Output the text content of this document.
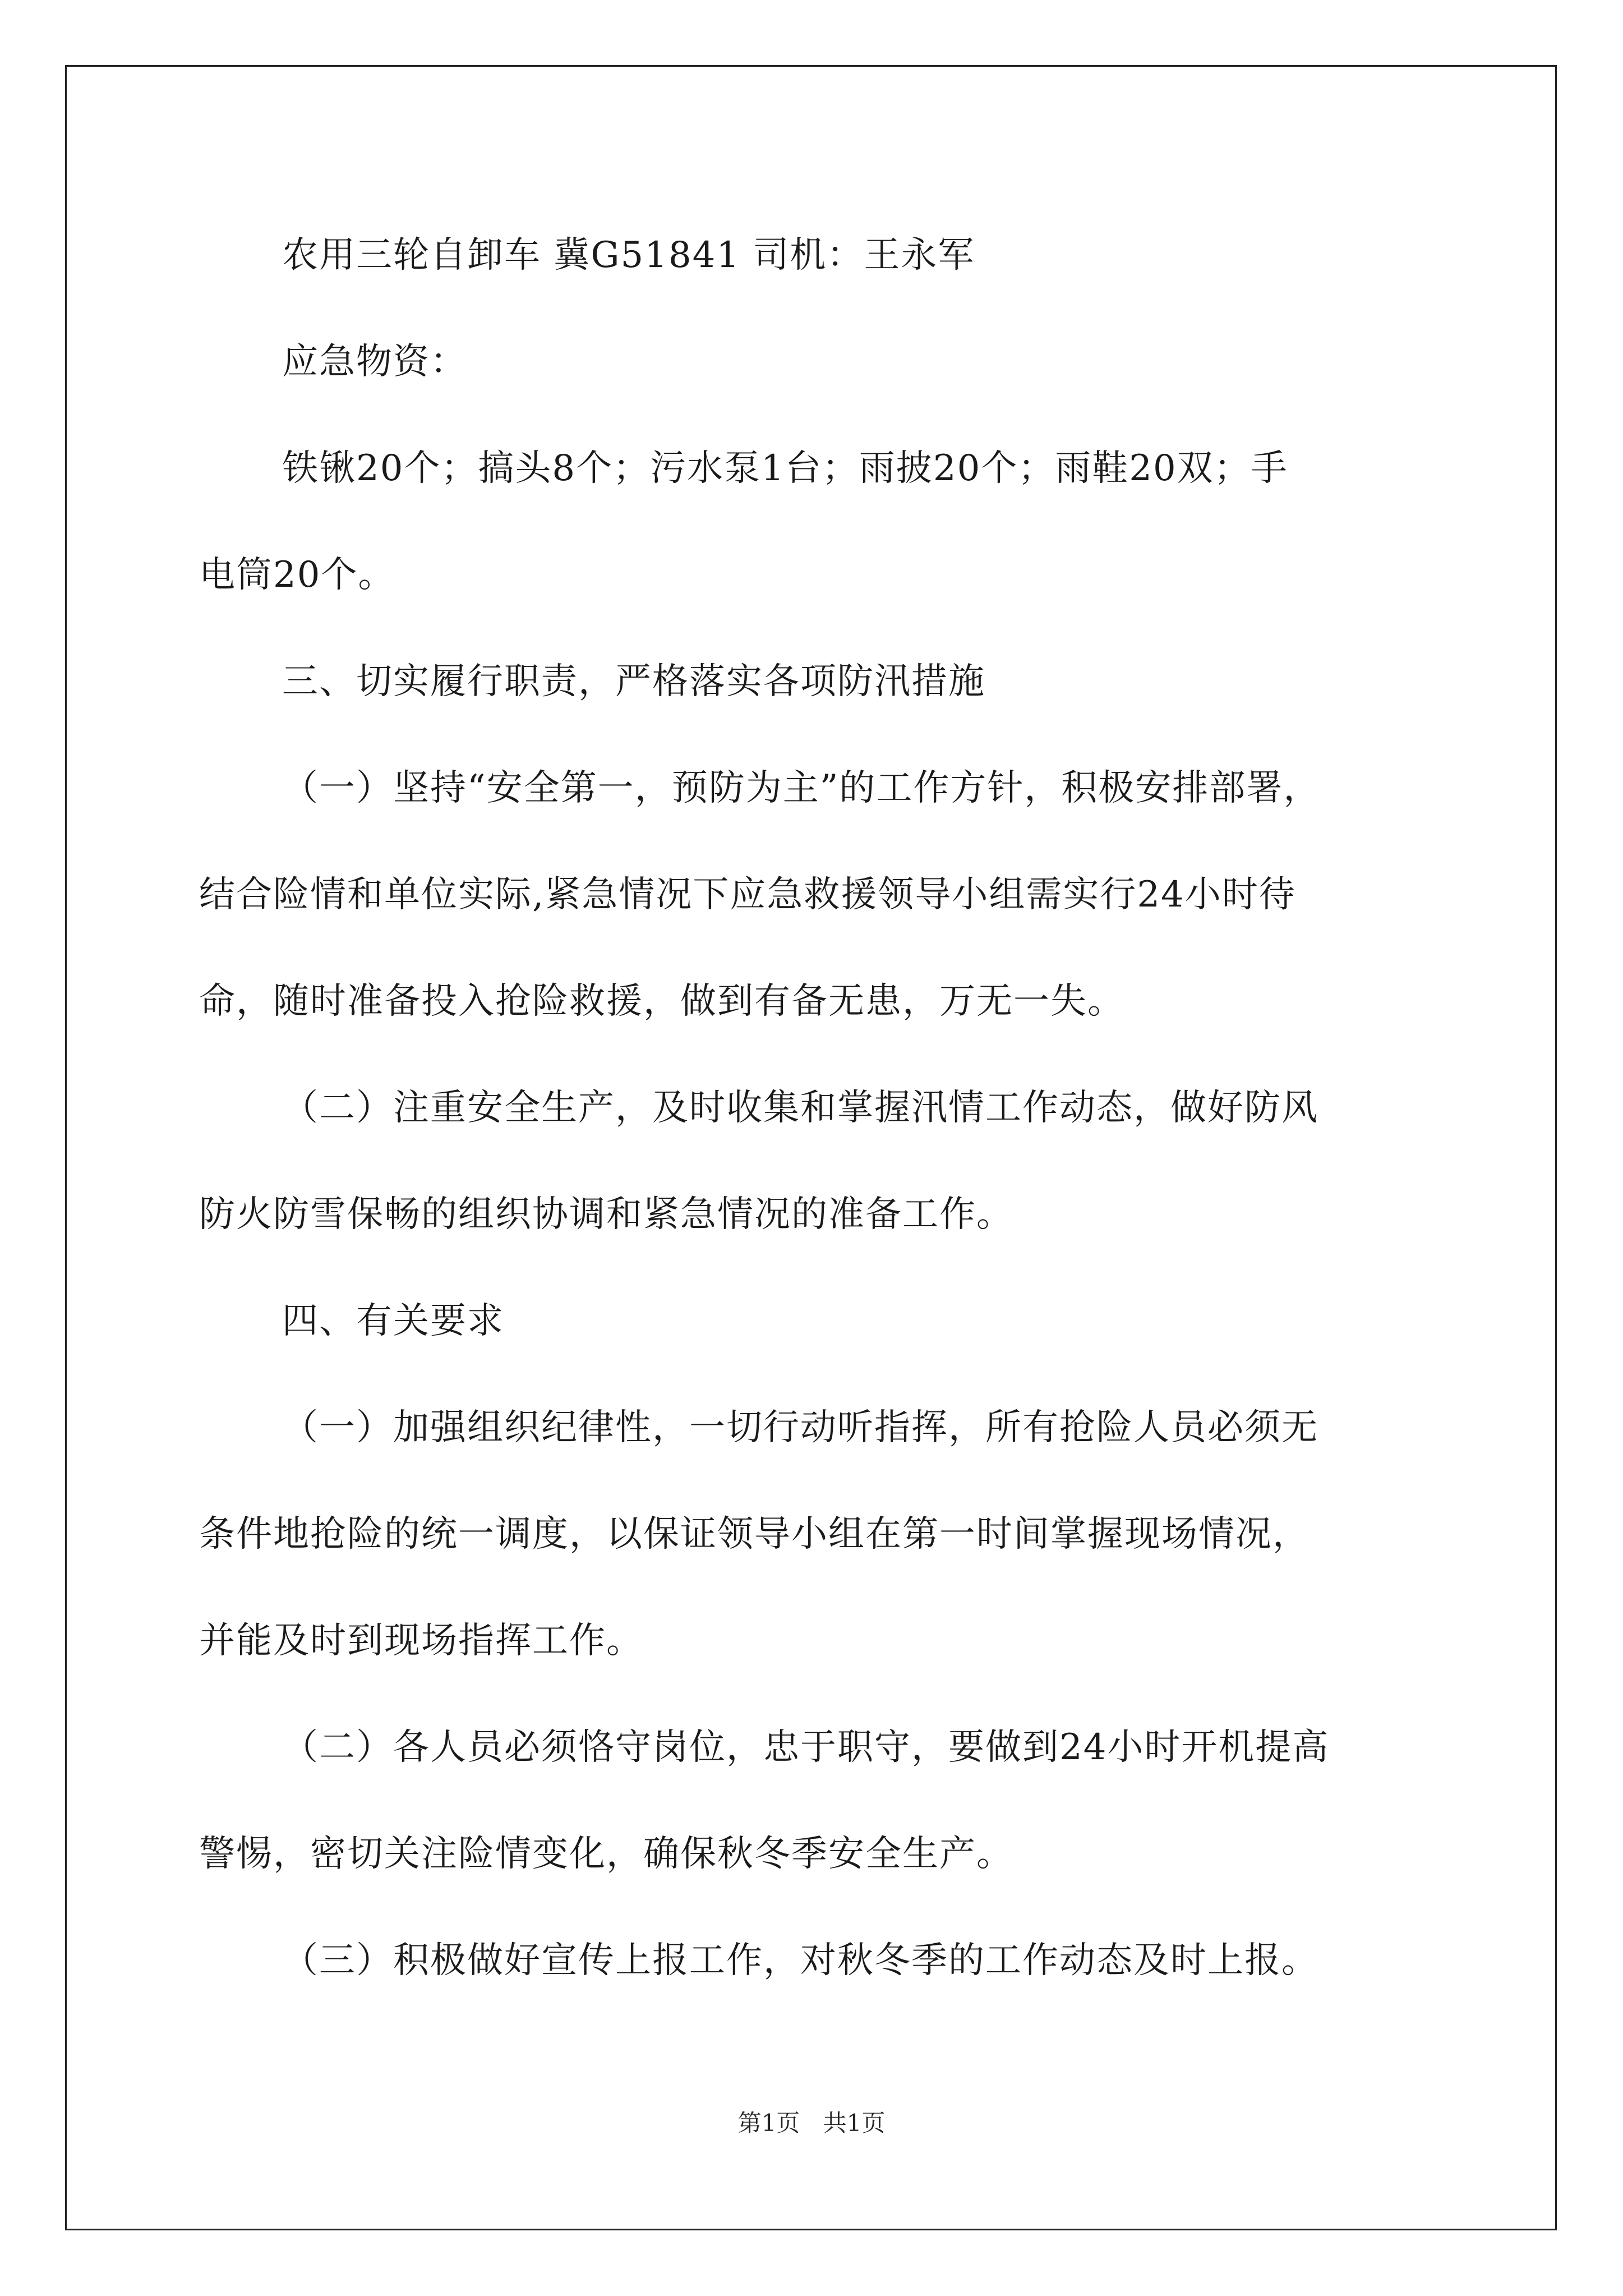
农用三轮自卸车 冀G51841 司机：王永军

应急物资：

铁锹20个；搞头8个；污水泵1台；雨披20个；雨鞋20双；手
电筒20个。

三、切实履行职责，严格落实各项防汛措施

（一）坚持“安全第一，预防为主”的工作方针，积极安排部署，
结合险情和单位实际,紧急情况下应急救援领导小组需实行24小时待
命，随时准备投入抢险救援，做到有备无患，万无一失。

（二）注重安全生产，及时收集和掌握汛情工作动态，做好防风
防火防雪保畅的组织协调和紧急情况的准备工作。

四、有关要求

（一）加强组织纪律性，一切行动听指挥，所有抢险人员必须无
条件地抢险的统一调度，以保证领导小组在第一时间掌握现场情况，
并能及时到现场指挥工作。

（二）各人员必须恪守岗位，忠于职守，要做到24小时开机提高
警惕，密切关注险情变化，确保秋冬季安全生产。

（三）积极做好宣传上报工作，对秋冬季的工作动态及时上报。

第1页 共1页
